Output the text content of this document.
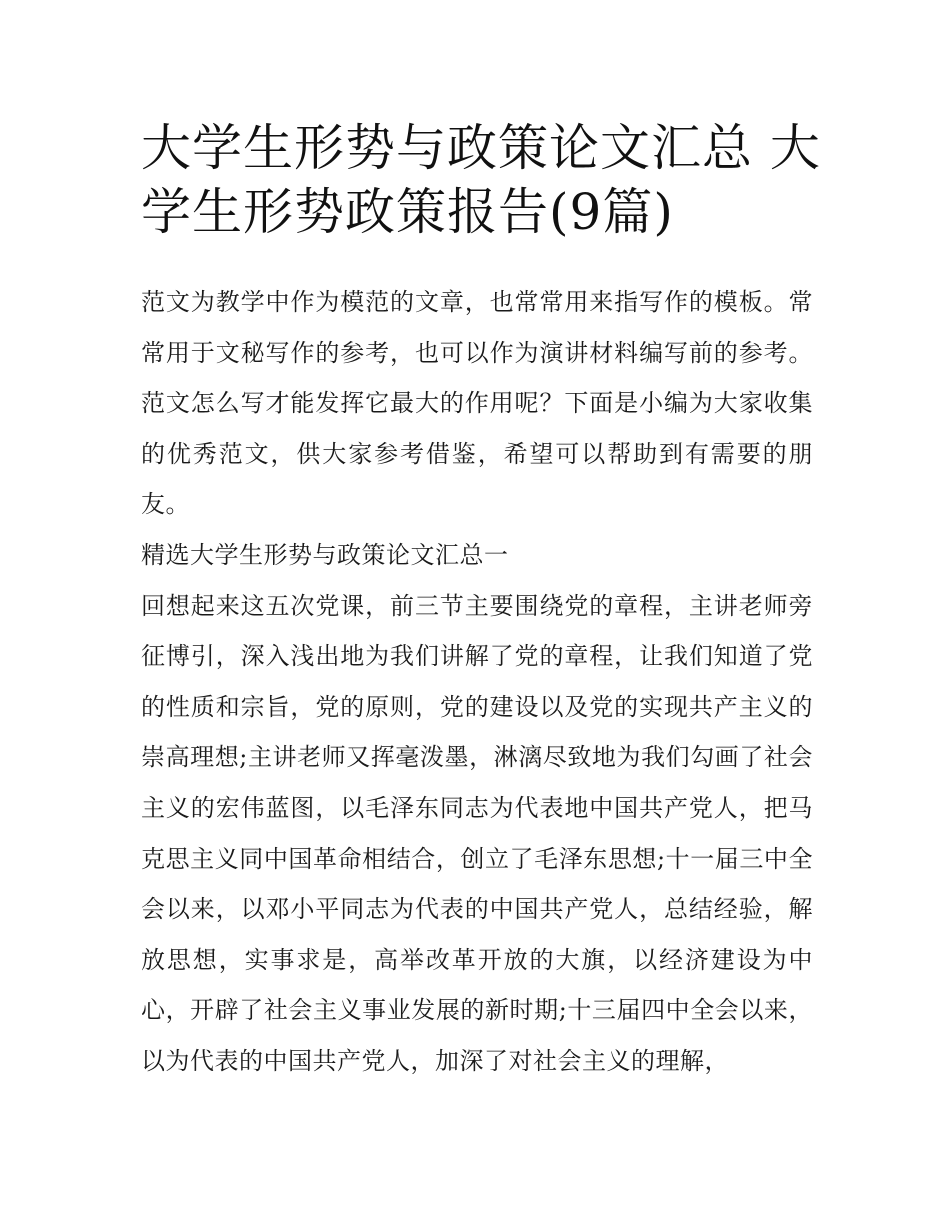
大学生形势与政策论文汇总 大学生形势政策报告(9篇)

范文为教学中作为模范的文章，也常常用来指写作的模板。常常用于文秘写作的参考，也可以作为演讲材料编写前的参考。范文怎么写才能发挥它最大的作用呢？下面是小编为大家收集的优秀范文，供大家参考借鉴，希望可以帮助到有需要的朋友。

精选大学生形势与政策论文汇总一

回想起来这五次党课，前三节主要围绕党的章程，主讲老师旁征博引，深入浅出地为我们讲解了党的章程，让我们知道了党的性质和宗旨，党的原则，党的建设以及党的实现共产主义的崇高理想;主讲老师又挥毫泼墨，淋漓尽致地为我们勾画了社会主义的宏伟蓝图，以毛泽东同志为代表地中国共产党人，把马克思主义同中国革命相结合，创立了毛泽东思想;十一届三中全会以来，以邓小平同志为代表的中国共产党人，总结经验，解放思想，实事求是，高举改革开放的大旗，以经济建设为中心，开辟了社会主义事业发展的新时期;十三届四中全会以来，以为代表的中国共产党人，加深了对社会主义的理解，
